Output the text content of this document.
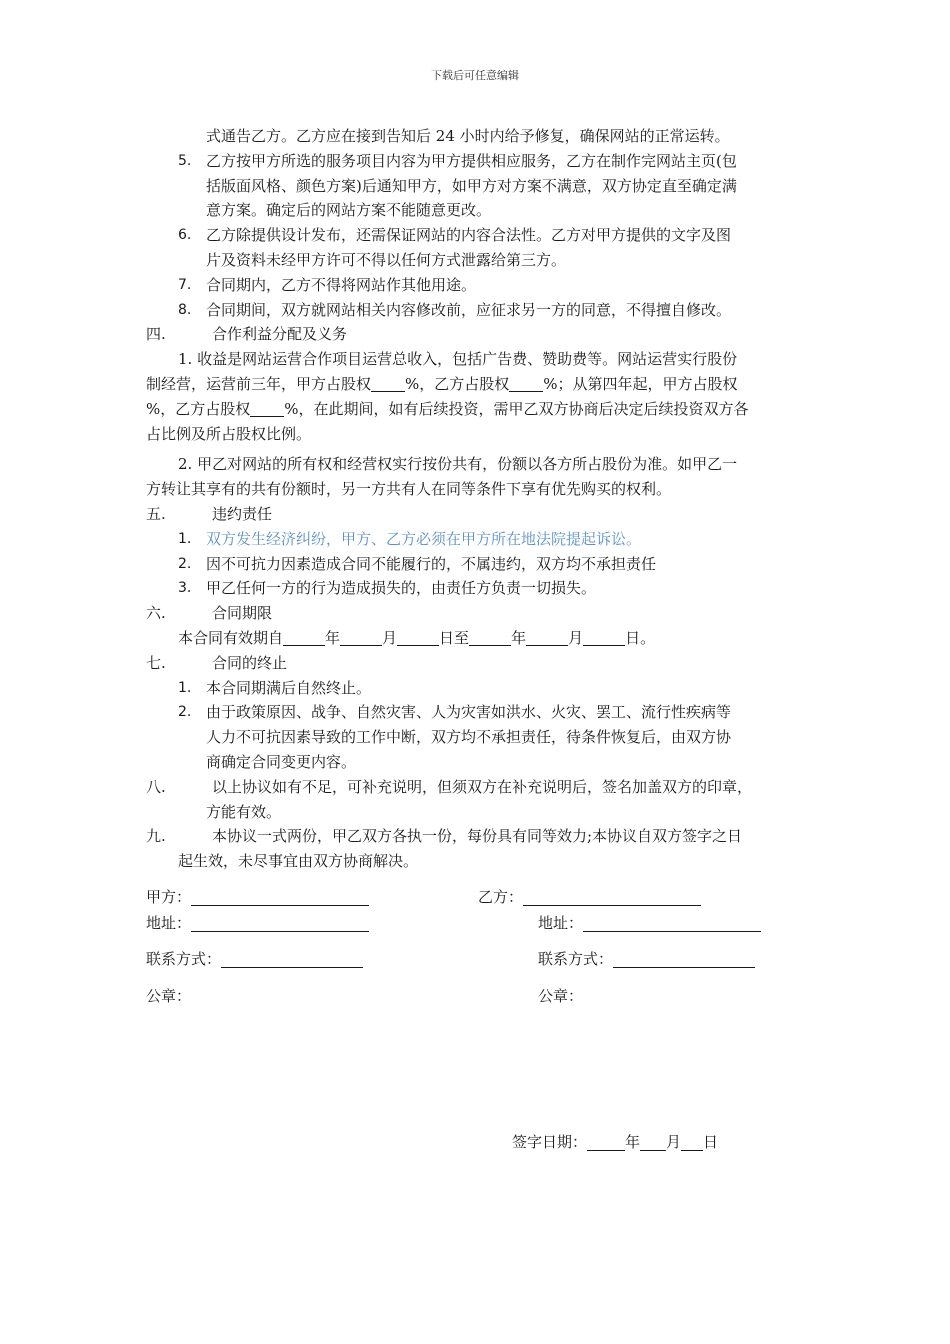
下载后可任意编辑
式通告乙方。乙方应在接到告知后 24 小时内给予修复，确保网站的正常运转。
5. 乙方按甲方所选的服务项目内容为甲方提供相应服务，乙方在制作完网站主页(包
括版面风格、颜色方案)后通知甲方，如甲方对方案不满意，双方协定直至确定满
意方案。确定后的网站方案不能随意更改。
6. 乙方除提供设计发布，还需保证网站的内容合法性。乙方对甲方提供的文字及图
片及资料未经甲方许可不得以任何方式泄露给第三方。
7. 合同期内，乙方不得将网站作其他用途。
8. 合同期间，双方就网站相关内容修改前，应征求另一方的同意，不得擅自修改。
四.	合作利益分配及义务
1. 收益是网站运营合作项目运营总收入，包括广告费、赞助费等。网站运营实行股份
制经营，运营前三年，甲方占股权 %，乙方占股权 %；从第四年起，甲方占股权
%，乙方占股权 %，在此期间，如有后续投资，需甲乙双方协商后决定后续投资双方各
占比例及所占股权比例。
2. 甲乙对网站的所有权和经营权实行按份共有，份额以各方所占股份为准。如甲乙一
方转让其享有的共有份额时，另一方共有人在同等条件下享有优先购买的权利。
五.	违约责任
1. 双方发生经济纠纷，甲方、乙方必须在甲方所在地法院提起诉讼。
2. 因不可抗力因素造成合同不能履行的，不属违约，双方均不承担责任
3. 甲乙任何一方的行为造成损失的，由责任方负责一切损失。
六.	合同期限
本合同有效期自	年	月	日至	年	月	日。
七.	合同的终止
1. 本合同期满后自然终止。
2. 由于政策原因、战争、自然灾害、人为灾害如洪水、火灾、罢工、流行性疾病等
人力不可抗因素导致的工作中断，双方均不承担责任，待条件恢复后，由双方协
商确定合同变更内容。
八.	以上协议如有不足，可补充说明，但须双方在补充说明后，签名加盖双方的印章，
方能有效。
九.	本协议一式两份，甲乙双方各执一份，每份具有同等效力;本协议自双方签字之日
起生效，未尽事宜由双方协商解决。
甲方：	乙方：
地址：	地址：
联系方式：	联系方式：
公章：	公章：
签字日期：	年 月 日
